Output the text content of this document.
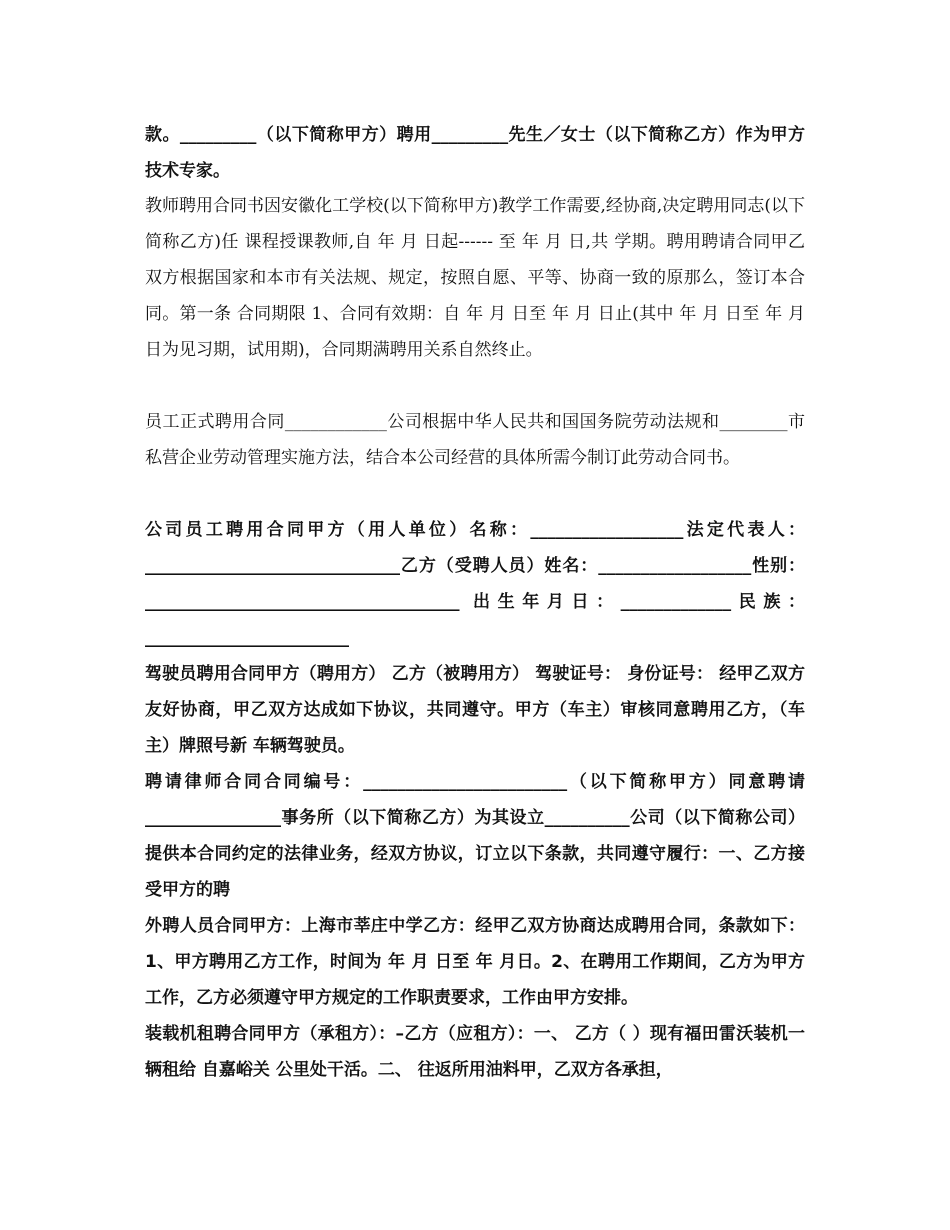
款。_________（以下简称甲方）聘用_________先生／女士（以下简称乙方）作为甲方技术专家。

教师聘用合同书因安徽化工学校(以下简称甲方)教学工作需要,经协商,决定聘用同志(以下简称乙方)任 课程授课教师,自 年 月 日起------ 至 年 月 日,共 学期。聘用聘请合同甲乙双方根据国家和本市有关法规、规定，按照自愿、平等、协商一致的原那么，签订本合同。第一条 合同期限 1、合同有效期：自 年 月 日至 年 月 日止(其中 年 月 日至 年 月 日为见习期，试用期)，合同期满聘用关系自然终止。

员工正式聘用合同____________公司根据中华人民共和国国务院劳动法规和________市私营企业劳动管理实施方法，结合本公司经营的具体所需今制订此劳动合同书。

公司员工聘用合同甲方（用人单位）名称：__________________法定代表人：______________________________乙方（受聘人员）姓名：__________________性别：_____________________________________ 出生年月日：_____________民族：________________________

驾驶员聘用合同甲方（聘用方） 乙方（被聘用方） 驾驶证号： 身份证号： 经甲乙双方友好协商，甲乙双方达成如下协议，共同遵守。甲方（车主）审核同意聘用乙方，（车主）牌照号新 车辆驾驶员。

聘请律师合同合同编号：________________________（以下简称甲方）同意聘请________________事务所（以下简称乙方）为其设立__________公司（以下简称公司）提供本合同约定的法律业务，经双方协议，订立以下条款，共同遵守履行：一、乙方接受甲方的聘

外聘人员合同甲方：上海市莘庄中学乙方：经甲乙双方协商达成聘用合同，条款如下：1、甲方聘用乙方工作，时间为 年 月 日至 年 月日。2、在聘用工作期间，乙方为甲方工作，乙方必须遵守甲方规定的工作职责要求，工作由甲方安排。

装载机租聘合同甲方（承租方）：–乙方（应租方）：一、 乙方（ ）现有福田雷沃装机一辆租给 自嘉峪关 公里处干活。二、 往返所用油料甲，乙双方各承担，
